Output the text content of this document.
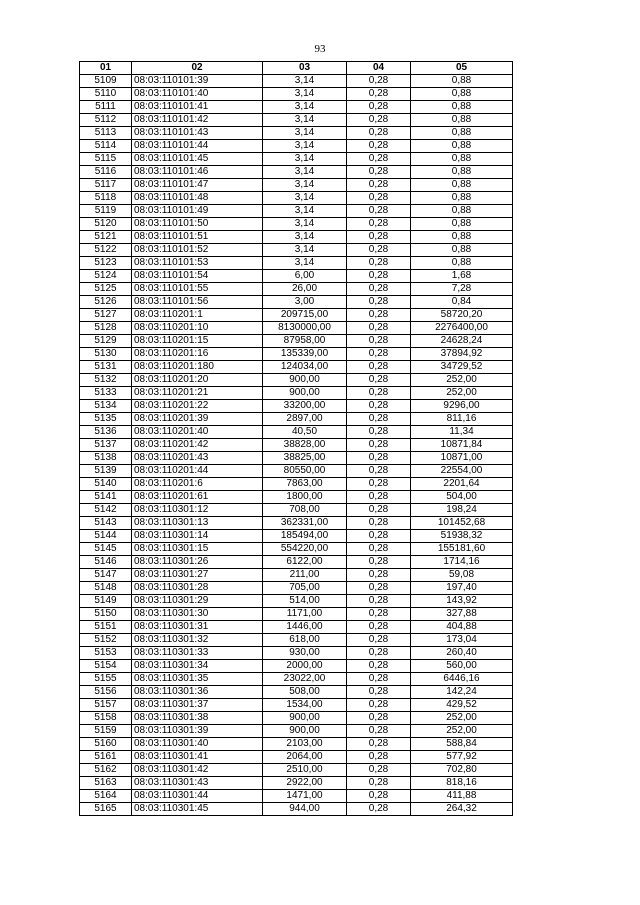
93
01	02	03	04	05
5109	08:03:110101:39	3,14	0,28	0,88
5110	08:03:110101:40	3,14	0,28	0,88
5111	08:03:110101:41	3,14	0,28	0,88
5112	08:03:110101:42	3,14	0,28	0,88
5113	08:03:110101:43	3,14	0,28	0,88
5114	08:03:110101:44	3,14	0,28	0,88
5115	08:03:110101:45	3,14	0,28	0,88
5116	08:03:110101:46	3,14	0,28	0,88
5117	08:03:110101:47	3,14	0,28	0,88
5118	08:03:110101:48	3,14	0,28	0,88
5119	08:03:110101:49	3,14	0,28	0,88
5120	08:03:110101:50	3,14	0,28	0,88
5121	08:03:110101:51	3,14	0,28	0,88
5122	08:03:110101:52	3,14	0,28	0,88
5123	08:03:110101:53	3,14	0,28	0,88
5124	08:03:110101:54	6,00	0,28	1,68
5125	08:03:110101:55	26,00	0,28	7,28
5126	08:03:110101:56	3,00	0,28	0,84
5127	08:03:110201:1	209715,00	0,28	58720,20
5128	08:03:110201:10	8130000,00	0,28	2276400,00
5129	08:03:110201:15	87958,00	0,28	24628,24
5130	08:03:110201:16	135339,00	0,28	37894,92
5131	08:03:110201:180	124034,00	0,28	34729,52
5132	08:03:110201:20	900,00	0,28	252,00
5133	08:03:110201:21	900,00	0,28	252,00
5134	08:03:110201:22	33200,00	0,28	9296,00
5135	08:03:110201:39	2897,00	0,28	811,16
5136	08:03:110201:40	40,50	0,28	11,34
5137	08:03:110201:42	38828,00	0,28	10871,84
5138	08:03:110201:43	38825,00	0,28	10871,00
5139	08:03:110201:44	80550,00	0,28	22554,00
5140	08:03:110201:6	7863,00	0,28	2201,64
5141	08:03:110201:61	1800,00	0,28	504,00
5142	08:03:110301:12	708,00	0,28	198,24
5143	08:03:110301:13	362331,00	0,28	101452,68
5144	08:03:110301:14	185494,00	0,28	51938,32
5145	08:03:110301:15	554220,00	0,28	155181,60
5146	08:03:110301:26	6122,00	0,28	1714,16
5147	08:03:110301:27	211,00	0,28	59,08
5148	08:03:110301:28	705,00	0,28	197,40
5149	08:03:110301:29	514,00	0,28	143,92
5150	08:03:110301:30	1171,00	0,28	327,88
5151	08:03:110301:31	1446,00	0,28	404,88
5152	08:03:110301:32	618,00	0,28	173,04
5153	08:03:110301:33	930,00	0,28	260,40
5154	08:03:110301:34	2000,00	0,28	560,00
5155	08:03:110301:35	23022,00	0,28	6446,16
5156	08:03:110301:36	508,00	0,28	142,24
5157	08:03:110301:37	1534,00	0,28	429,52
5158	08:03:110301:38	900,00	0,28	252,00
5159	08:03:110301:39	900,00	0,28	252,00
5160	08:03:110301:40	2103,00	0,28	588,84
5161	08:03:110301:41	2064,00	0,28	577,92
5162	08:03:110301:42	2510,00	0,28	702,80
5163	08:03:110301:43	2922,00	0,28	818,16
5164	08:03:110301:44	1471,00	0,28	411,88
5165	08:03:110301:45	944,00	0,28	264,32
